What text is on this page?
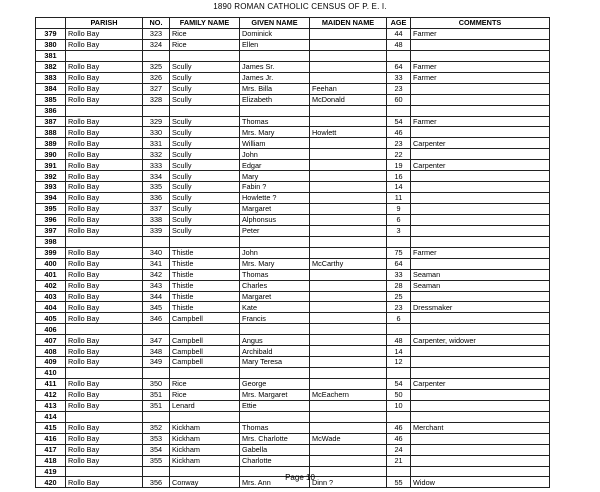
1890 ROMAN CATHOLIC CENSUS OF P. E. I.
	PARISH	NO.	FAMILY NAME	GIVEN NAME	MAIDEN NAME	AGE	COMMENTS
379	Rollo Bay	323	Rice	Dominick		44	Farmer
380	Rollo Bay	324	Rice	Ellen		48	
381							
382	Rollo Bay	325	Scully	James Sr.		64	Farmer
383	Rollo Bay	326	Scully	James Jr.		33	Farmer
384	Rollo Bay	327	Scully	Mrs. Billa	Feehan	23	
385	Rollo Bay	328	Scully	Elizabeth	McDonald	60	
386							
387	Rollo Bay	329	Scully	Thomas		54	Farmer
388	Rollo Bay	330	Scully	Mrs. Mary	Howlett	46	
389	Rollo Bay	331	Scully	William		23	Carpenter
390	Rollo Bay	332	Scully	John		22	
391	Rollo Bay	333	Scully	Edgar		19	Carpenter
392	Rollo Bay	334	Scully	Mary		16	
393	Rollo Bay	335	Scully	Fabin ?		14	
394	Rollo Bay	336	Scully	Howlette ?		11	
395	Rollo Bay	337	Scully	Margaret		9	
396	Rollo Bay	338	Scully	Alphonsus		6	
397	Rollo Bay	339	Scully	Peter		3	
398							
399	Rollo Bay	340	Thistle	John		75	Farmer
400	Rollo Bay	341	Thistle	Mrs. Mary	McCarthy	64	
401	Rollo Bay	342	Thistle	Thomas		33	Seaman
402	Rollo Bay	343	Thistle	Charles		28	Seaman
403	Rollo Bay	344	Thistle	Margaret		25	
404	Rollo Bay	345	Thistle	Kate		23	Dressmaker
405	Rollo Bay	346	Campbell	Francis		6	
406							
407	Rollo Bay	347	Campbell	Angus		48	Carpenter, widower
408	Rollo Bay	348	Campbell	Archibald		14	
409	Rollo Bay	349	Campbell	Mary Teresa		12	
410							
411	Rollo Bay	350	Rice	George		54	Carpenter
412	Rollo Bay	351	Rice	Mrs. Margaret	McEachern	50	
413	Rollo Bay	351	Lenard	Ettie		10	
414							
415	Rollo Bay	352	Kickham	Thomas		46	Merchant
416	Rollo Bay	353	Kickham	Mrs. Charlotte	McWade	46	
417	Rollo Bay	354	Kickham	Gabella		24	
418	Rollo Bay	355	Kickham	Charlotte		21	
419							
420	Rollo Bay	356	Conway	Mrs. Ann	Dinn ?	55	Widow
Page 10
